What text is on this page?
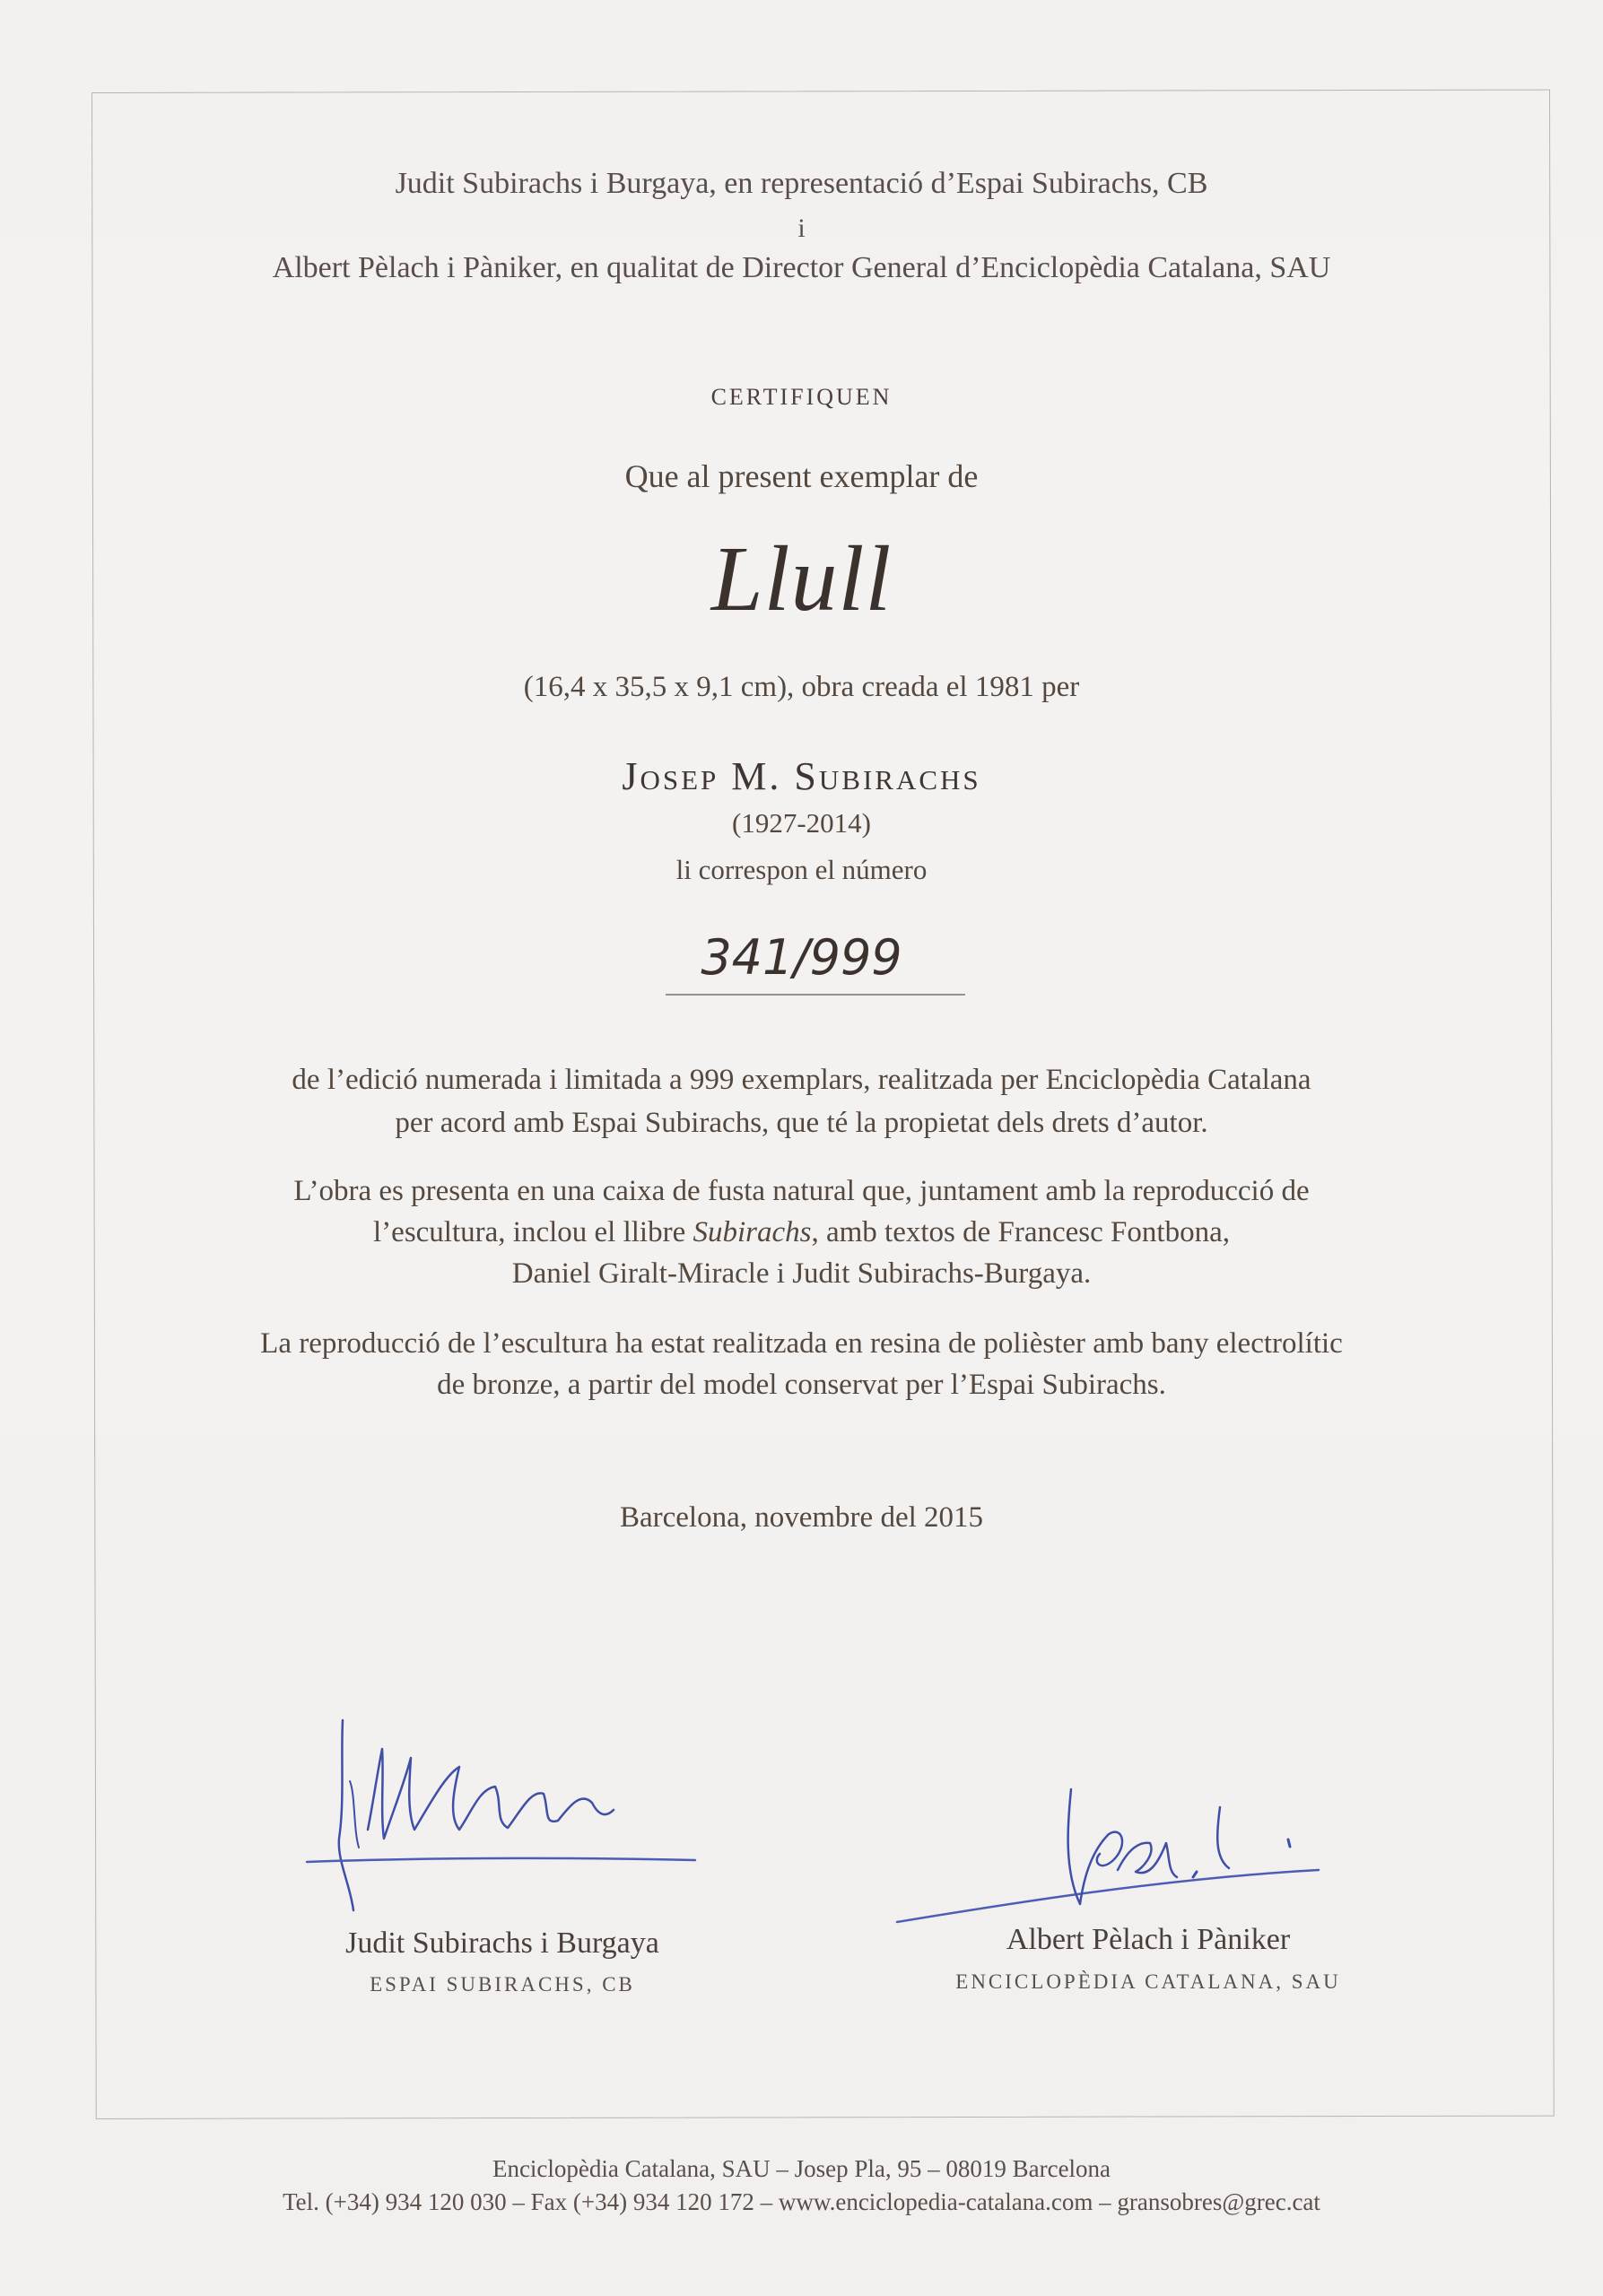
Judit Subirachs i Burgaya, en representació d’Espai Subirachs, CB
i
Albert Pèlach i Pàniker, en qualitat de Director General d’Enciclopèdia Catalana, SAU
CERTIFIQUEN
Que al present exemplar de
Llull
(16,4 x 35,5 x 9,1 cm), obra creada el 1981 per
Josep M. Subirachs
(1927-2014)
li correspon el número
341/999
de l’edició numerada i limitada a 999 exemplars, realitzada per Enciclopèdia Catalana
per acord amb Espai Subirachs, que té la propietat dels drets d’autor.
L’obra es presenta en una caixa de fusta natural que, juntament amb la reproducció de
l’escultura, inclou el llibre Subirachs, amb textos de Francesc Fontbona,
Daniel Giralt-Miracle i Judit Subirachs-Burgaya.
La reproducció de l’escultura ha estat realitzada en resina de polièster amb bany electrolític
de bronze, a partir del model conservat per l’Espai Subirachs.
Barcelona, novembre del 2015
Judit Subirachs i Burgaya
ESPAI SUBIRACHS, CB
Albert Pèlach i Pàniker
ENCICLOPÈDIA CATALANA, SAU
Enciclopèdia Catalana, SAU – Josep Pla, 95 – 08019 Barcelona
Tel. (+34) 934 120 030 – Fax (+34) 934 120 172 – www.enciclopedia-catalana.com – gransobres@grec.cat
